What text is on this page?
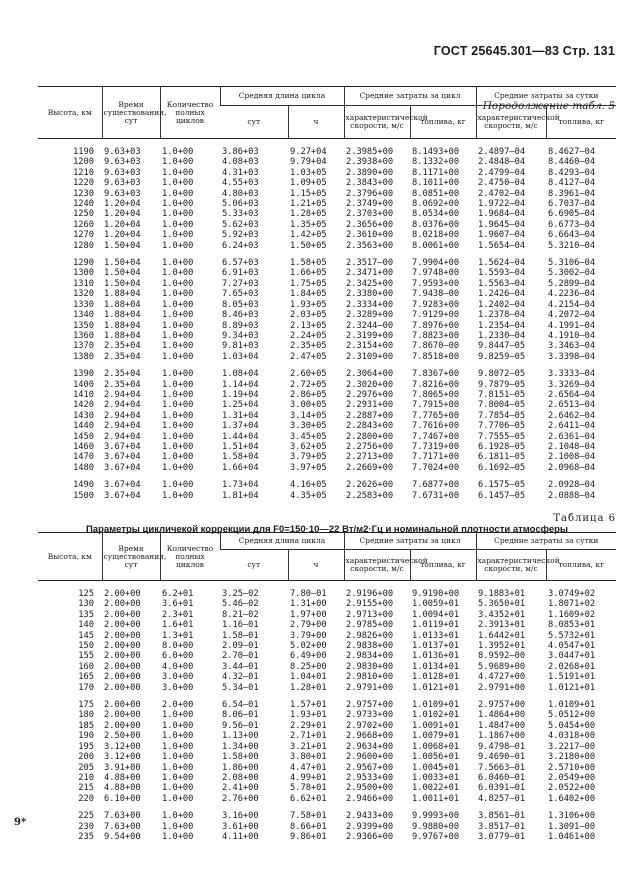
ГОСТ 25645.301—83 Стр. 131
Породолжение табл. 5
Высота, км	Время существования, сут	Количество полных циклов	Средняя длина цикла		Средние затраты за цикл		Средние затраты за сутки	
			сут	ч	характеристической скорости, м/с	топлива, кг	характеристической скорости, м/с	топлива, кг

1190	9.63+03	1.0+00	3.86+03	9.27+04	2.3985+00	8.1493+00	2.4897—04	8.4627—04
1200	9.63+03	1.0+00	4.08+03	9.79+04	2.3938+00	8.1332+00	2.4848—04	8.4460—04
1210	9.63+03	1.0+00	4.31+03	1.03+05	2.3890+00	8.1171+00	2.4799—04	8.4293—04
1220	9.63+03	1.0+00	4.55+03	1.09+05	2.3843+00	8.1011+00	2.4750—04	8.4127—04
1230	9.63+03	1.0+00	4.80+03	1.15+05	2.3796+00	8.0851+00	2.4702—04	8.3961—04
1240	1.20+04	1.0+00	5.06+03	1.21+05	2.3749+00	8.0692+00	1.9722—04	6.7037—04
1250	1.20+04	1.0+00	5.33+03	1.28+05	2.3703+00	8.0534+00	1.9684—04	6.6905—04
1260	1.20+04	1.0+00	5.62+03	1.35+05	2.3656+00	8.0376+00	1.9645—04	6.6773—04
1270	1.20+04	1.0+00	5.92+03	1.42+05	2.3610+00	8.0218+00	1.9607—04	6.6643—04
1280	1.50+04	1.0+00	6.24+03	1.50+05	2.3563+00	8.0061+00	1.5654—04	5.3210—04

1290	1.50+04	1.0+00	6.57+03	1.58+05	2.3517—00	7.9904+00	1.5624—04	5.3106—04
1300	1.50+04	1.0+00	6.91+03	1.66+05	2.3471+00	7.9748+00	1.5593—04	5.3002—04
1310	1.50+04	1.0+00	7.27+03	1.75+05	2.3425+00	7.9593+00	1.5563—04	5.2899—04
1320	1.88+04	1.0+00	7.65+03	1.84+05	2.3380+00	7.9438—00	1.2426—04	4.2236—04
1330	1.88+04	1.0+00	8.05+03	1.93+05	2.3334+00	7.9283+00	1.2402—04	4.2154—04
1340	1.88+04	1.0+00	8.46+03	2.03+05	2.3289+00	7.9129+00	1.2378—04	4.2072—04
1350	1.88+04	1.0+00	8.89+03	2.13+05	2.3244—00	7.8976+00	1.2354—04	4.1991—04
1360	1.88+04	1.0+00	9.34+03	2.24+05	2.3199+00	7.8823+00	1.2330—04	4.1910—04
1370	2.35+04	1.0+00	9.81+03	2.35+05	2.3154+00	7.8670—00	9.8447—05	3.3463—04
1380	2.35+04	1.0+00	1.03+04	2.47+05	2.3109+00	7.8518+00	9.8259—05	3.3398—04

1390	2.35+04	1.0+00	1.08+04	2.60+05	2.3064+00	7.8367+00	9.8072—05	3.3333—04
1400	2.35+04	1.0+00	1.14+04	2.72+05	2.3020+00	7.8216+00	9.7879—05	3.3269—04
1410	2.94+04	1.0+00	1.19+04	2.86+05	2.2976+00	7.8065+00	7.8151—05	2.6564—04
1420	2.94+04	1.0+00	1.25+04	3.00+05	2.2931+00	7.7915+00	7.8004—05	2.6513—04
1430	2.94+04	1.0+00	1.31+04	3.14+05	2.2887+00	7.7765+00	7.7854—05	2.6462—04
1440	2.94+04	1.0+00	1.37+04	3.30+05	2.2843+00	7.7616+00	7.7706—05	2.6411—04
1450	2.94+04	1.0+00	1.44+04	3.45+05	2.2800+00	7.7467+00	7.7555—05	2.6361—04
1460	3.67+04	1.0+00	1.51+04	3.62+05	2.2756+00	7.7319+00	6.1928—05	2.1048—04
1470	3.67+04	1.0+00	1.58+04	3.79+05	2.2713+00	7.7171+00	6.1811—05	2.1008—04
1480	3.67+04	1.0+00	1.66+04	3.97+05	2.2669+00	7.7024+00	6.1692—05	2.0968—04

1490	3.67+04	1.0+00	1.73+04	4.16+05	2.2626+00	7.6877+00	6.1575—05	2.0928—04
1500	3.67+04	1.0+00	1.81+04	4.35+05	2.2583+00	7.6731+00	6.1457—05	2.0888—04
Таблица 6
Параметры цикличекой коррекции для F0=150·10—22 Вт/м2·Гц и номинальной плотности атмосферы
Высота, км	Время существования, сут	Количество полных циклов	Средняя длина цикла		Средние затраты за цикл		Средние затраты за сутки	
			сут	ч	характеристической скорости, м/с	топлива, кг	характеристической скорости, м/с	топлива, кг

125	2.00+00	6.2+01	3.25—02	7.80—01	2.9196+00	9.9190+00	9.1883+01	3.0749+02
130	2.00+00	3.6+01	5.46—02	1.31+00	2.9155+00	1.0059+01	5.3650+01	1.8071+02
135	2.00+00	2.3+01	8.21—02	1.97+00	2.9713+00	1.0094+01	3.4352+01	1.1609+02
140	2.00+00	1.6+01	1.16—01	2.79+00	2.9785+00	1.0119+01	2.3913+01	8.0853+01
145	2.00+00	1.3+01	1.58—01	3.79+00	2.9826+00	1.0133+01	1.6442+01	5.5732+01
150	2.00+00	8.0+00	2.09—01	5.02+00	2.9838+00	1.0137+01	1.3952+01	4.0547+01
155	2.00+00	6.0+00	2.70—01	6.49+00	2.9834+00	1.0136+01	8.9592—00	3.0447+01
160	2.00+00	4.0+00	3.44—01	8.25+00	2.9830+00	1.0134+01	5.9689+00	2.0268+01
165	2.00+00	3.0+00	4.32—01	1.04+01	2.9810+00	1.0128+01	4.4727+00	1.5191+01
170	2.00+00	3.0+00	5.34—01	1.28+01	2.9791+00	1.0121+01	2.9791+00	1.0121+01

175	2.00+00	2.0+00	6.54—01	1.57+01	2.9757+00	1.0109+01	2.9757+00	1.0109+01
180	2.00+00	1.0+00	8.06—01	1.93+01	2.9733+00	1.0102+01	1.4864+00	5.0512+00
185	2.00+00	1.0+00	9.56—01	2.29+01	2.9702+00	1.0091+01	1.4847+00	5.0454+00
190	2.50+00	1.0+00	1.13+00	2.71+01	2.9668+00	1.0079+01	1.1867+00	4.0318+00
195	3.12+00	1.0+00	1.34+00	3.21+01	2.9634+00	1.0068+01	9.4798—01	3.2217—00
200	3.12+00	1.0+00	1.58+00	3.80+01	2.9600+00	1.0056+01	9.4690—01	3.2180+00
205	3.91+00	1.0+00	1.86+00	4.47+01	2.9567+00	1.0045+01	7.5663—01	2.5710+00
210	4.88+00	1.0+00	2.08+00	4.99+01	2.9533+00	1.0033+01	6.0460—01	2.0549+00
215	4.88+00	1.0+00	2.41+00	5.78+01	2.9500+00	1.0022+01	6.0391—01	2.0522+00
220	6.10+00	1.0+00	2.76+00	6.62+01	2.9466+00	1.0011+01	4.8257—01	1.6402+00

225	7.63+00	1.0+00	3.16+00	7.58+01	2.9433+00	9.9993+00	3.8561—01	1.3106+00
230	7.63+00	1.0+00	3.61+00	8.66+01	2.9399+00	9.9880+00	3.8517—01	1.3091—00
235	9.54+00	1.0+00	4.11+00	9.86+01	2.9366+00	9.9767+00	3.0779—01	1.0461+00
9*
